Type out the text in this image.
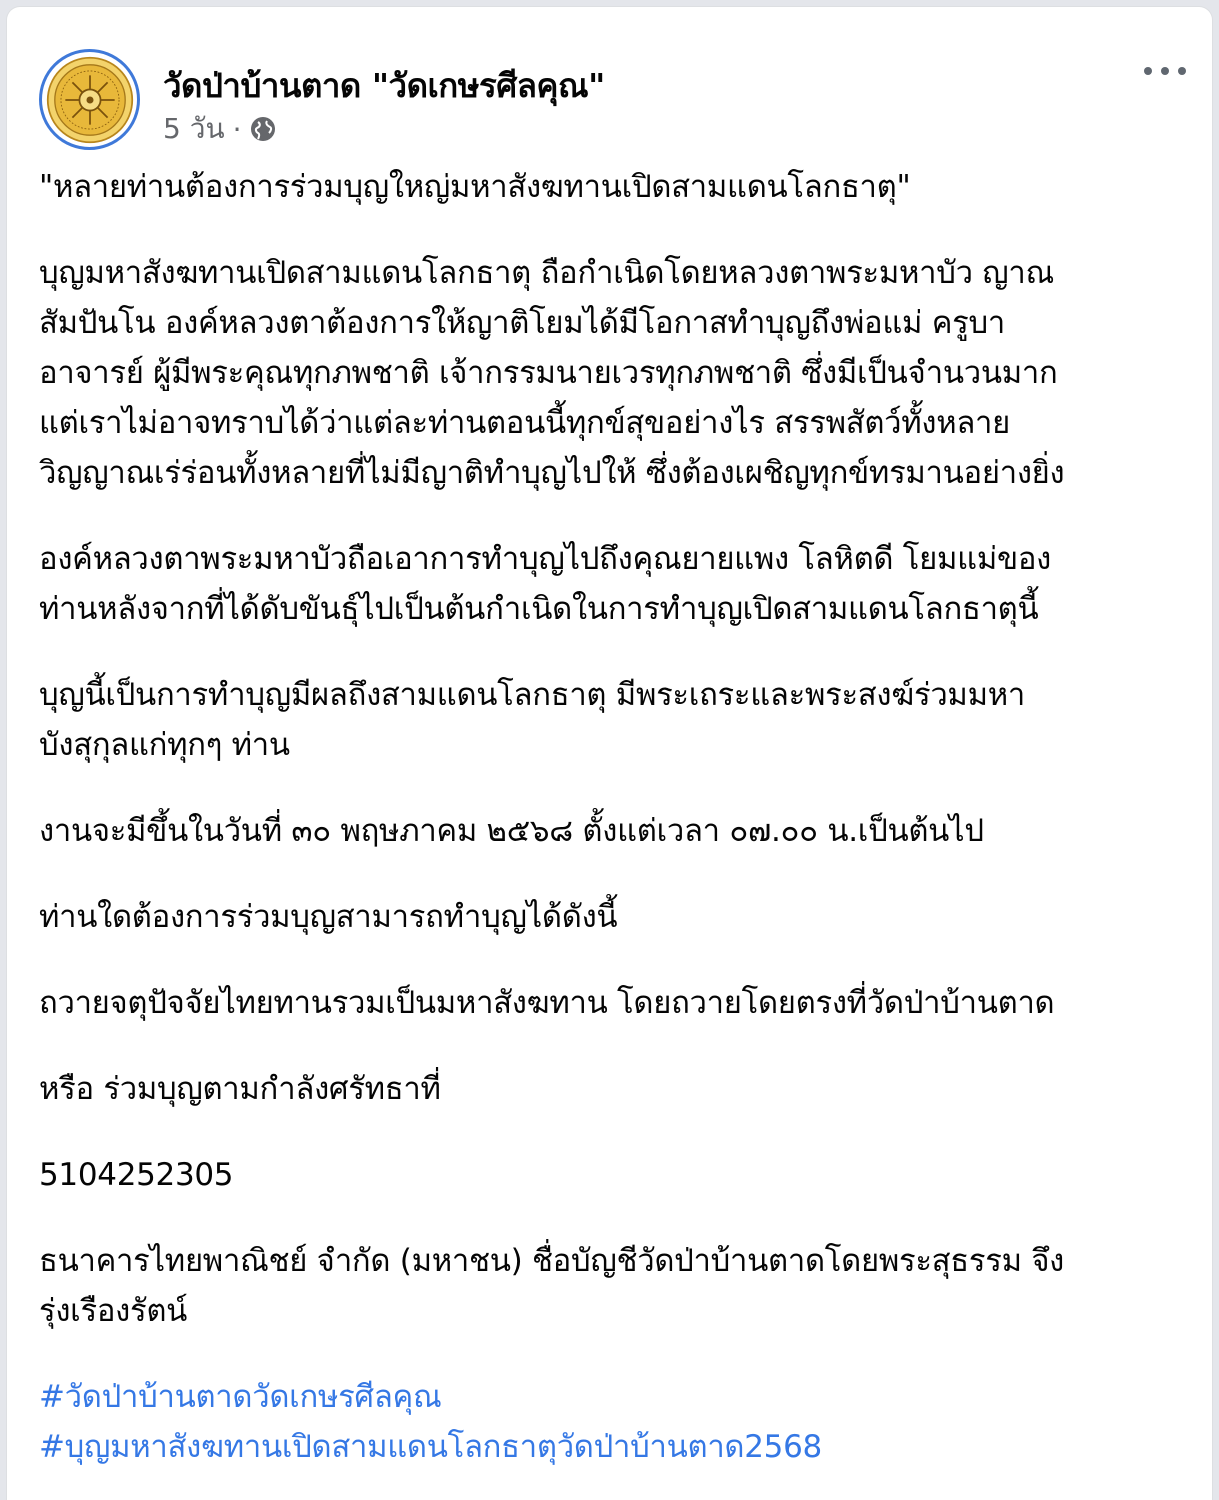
วัดป่าบ้านตาด "วัดเกษรศีลคุณ"
5 วัน ·

"หลายท่านต้องการร่วมบุญใหญ่มหาสังฆทานเปิดสามแดนโลกธาตุ"

บุญมหาสังฆทานเปิดสามแดนโลกธาตุ ถือกำเนิดโดยหลวงตาพระมหาบัว ญาณ
สัมปันโน องค์หลวงตาต้องการให้ญาติโยมได้มีโอกาสทำบุญถึงพ่อแม่ ครูบา
อาจารย์ ผู้มีพระคุณทุกภพชาติ เจ้ากรรมนายเวรทุกภพชาติ ซึ่งมีเป็นจำนวนมาก
แต่เราไม่อาจทราบได้ว่าแต่ละท่านตอนนี้ทุกข์สุขอย่างไร สรรพสัตว์ทั้งหลาย
วิญญาณเร่ร่อนทั้งหลายที่ไม่มีญาติทำบุญไปให้ ซึ่งต้องเผชิญทุกข์ทรมานอย่างยิ่ง

องค์หลวงตาพระมหาบัวถือเอาการทำบุญไปถึงคุณยายแพง โลหิตดี โยมแม่ของ
ท่านหลังจากที่ได้ดับขันธุ์ไปเป็นต้นกำเนิดในการทำบุญเปิดสามแดนโลกธาตุนี้

บุญนี้เป็นการทำบุญมีผลถึงสามแดนโลกธาตุ มีพระเถระและพระสงฆ์ร่วมมหา
บังสุกุลแก่ทุกๆ ท่าน

งานจะมีขึ้นในวันที่ ๓๐ พฤษภาคม ๒๕๖๘ ตั้งแต่เวลา ๐๗.๐๐ น.เป็นต้นไป

ท่านใดต้องการร่วมบุญสามารถทำบุญได้ดังนี้

ถวายจตุปัจจัยไทยทานรวมเป็นมหาสังฆทาน โดยถวายโดยตรงที่วัดป่าบ้านตาด

หรือ ร่วมบุญตามกำลังศรัทธาที่

5104252305

ธนาคารไทยพาณิชย์ จำกัด (มหาชน) ชื่อบัญชีวัดป่าบ้านตาดโดยพระสุธรรม จึง
รุ่งเรืองรัตน์

#วัดป่าบ้านตาดวัดเกษรศีลคุณ
#บุญมหาสังฆทานเปิดสามแดนโลกธาตุวัดป่าบ้านตาด2568
